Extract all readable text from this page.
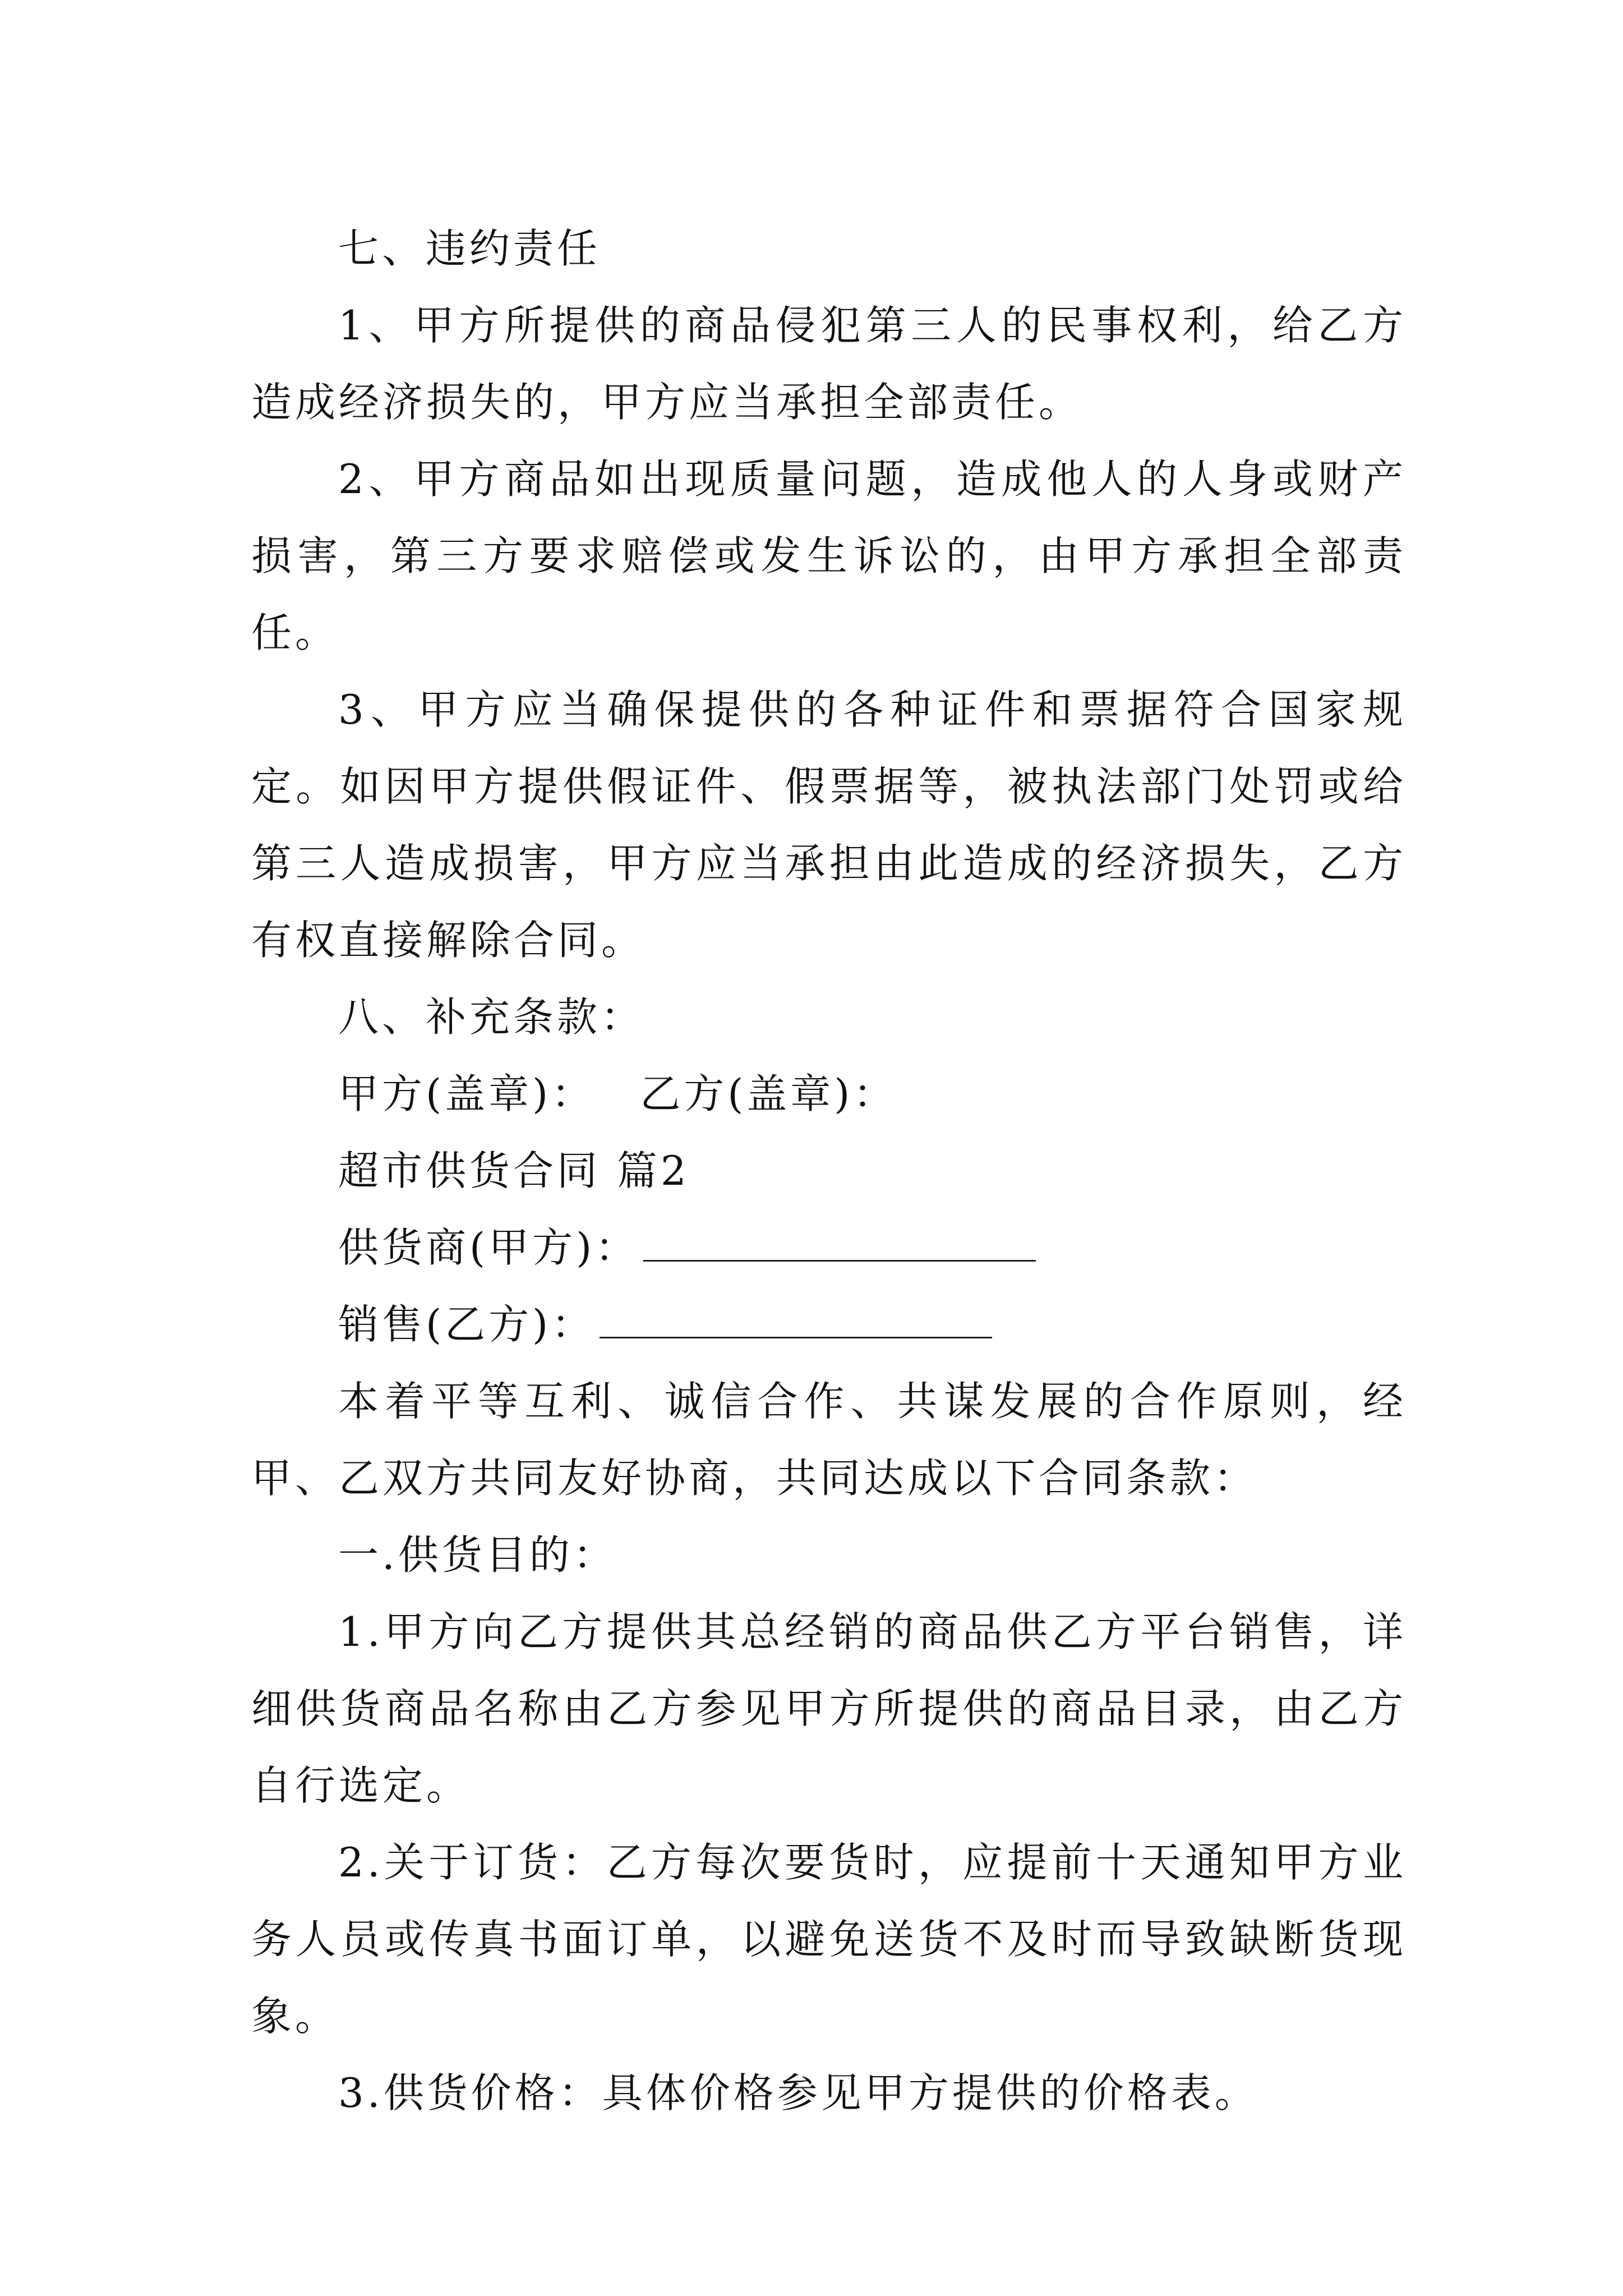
七、违约责任

1、甲方所提供的商品侵犯第三人的民事权利，给乙方造成经济损失的，甲方应当承担全部责任。

2、甲方商品如出现质量问题，造成他人的人身或财产损害，第三方要求赔偿或发生诉讼的，由甲方承担全部责任。

3、甲方应当确保提供的各种证件和票据符合国家规定。如因甲方提供假证件、假票据等，被执法部门处罚或给第三人造成损害，甲方应当承担由此造成的经济损失，乙方有权直接解除合同。

八、补充条款：

甲方(盖章)： 乙方(盖章)：

超市供货合同 篇2

供货商(甲方)：

销售(乙方)：

本着平等互利、诚信合作、共谋发展的合作原则，经甲、乙双方共同友好协商，共同达成以下合同条款：

一.供货目的：

1.甲方向乙方提供其总经销的商品供乙方平台销售，详细供货商品名称由乙方参见甲方所提供的商品目录，由乙方自行选定。

2.关于订货：乙方每次要货时，应提前十天通知甲方业务人员或传真书面订单，以避免送货不及时而导致缺断货现象。

3.供货价格：具体价格参见甲方提供的价格表。
